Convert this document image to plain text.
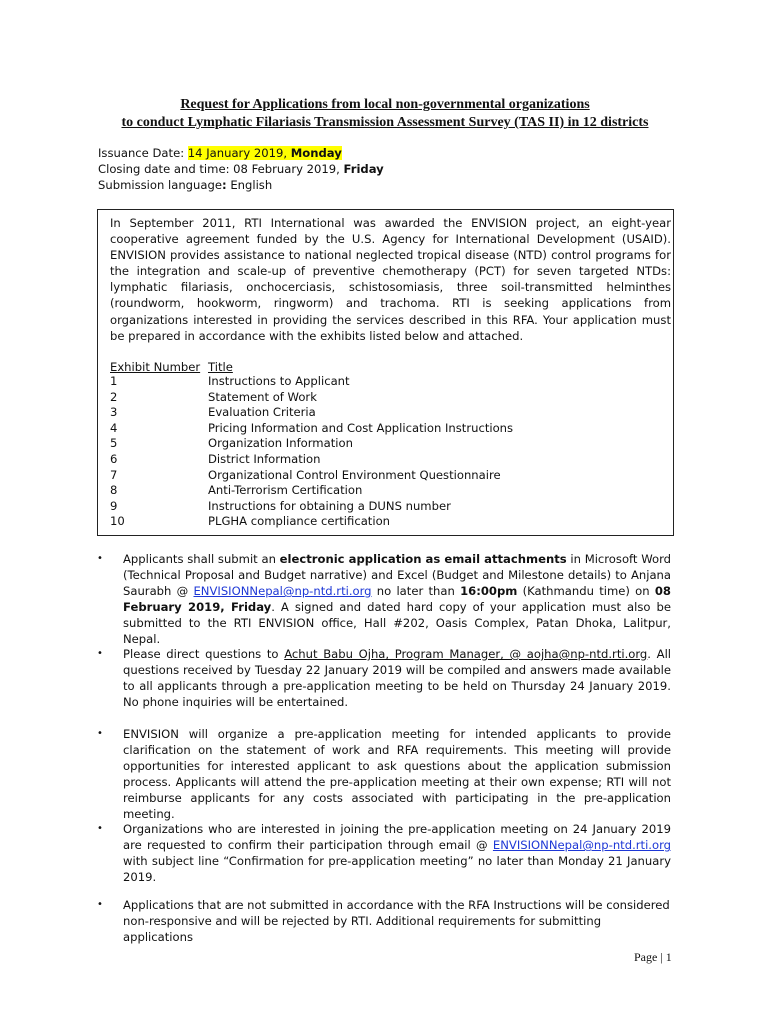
Request for Applications from local non-governmental organizations
to conduct Lymphatic Filariasis Transmission Assessment Survey (TAS II) in 12 districts
Issuance Date: 14 January 2019, Monday
Closing date and time: 08 February 2019, Friday
Submission language: English
In September 2011, RTI International was awarded the ENVISION project, an eight-year cooperative agreement funded by the U.S. Agency for International Development (USAID). ENVISION provides assistance to national neglected tropical disease (NTD) control programs for the integration and scale-up of preventive chemotherapy (PCT) for seven targeted NTDs: lymphatic filariasis, onchocerciasis, schistosomiasis, three soil-transmitted helminthes (roundworm, hookworm, ringworm) and trachoma. RTI is seeking applications from organizations interested in providing the services described in this RFA. Your application must be prepared in accordance with the exhibits listed below and attached.
Exhibit Number Title
1	Instructions to Applicant
2	Statement of Work
3	Evaluation Criteria
4	Pricing Information and Cost Application Instructions
5	Organization Information
6	District Information
7	Organizational Control Environment Questionnaire
8	Anti-Terrorism Certification
9	Instructions for obtaining a DUNS number
10	PLGHA compliance certification
• Applicants shall submit an electronic application as email attachments in Microsoft Word (Technical Proposal and Budget narrative) and Excel (Budget and Milestone details) to Anjana Saurabh @ ENVISIONNepal@np-ntd.rti.org no later than 16:00pm (Kathmandu time) on 08 February 2019, Friday. A signed and dated hard copy of your application must also be submitted to the RTI ENVISION office, Hall #202, Oasis Complex, Patan Dhoka, Lalitpur, Nepal.
• Please direct questions to Achut Babu Ojha, Program Manager, @ aojha@np-ntd.rti.org. All questions received by Tuesday 22 January 2019 will be compiled and answers made available to all applicants through a pre-application meeting to be held on Thursday 24 January 2019. No phone inquiries will be entertained.
• ENVISION will organize a pre-application meeting for intended applicants to provide clarification on the statement of work and RFA requirements. This meeting will provide opportunities for interested applicant to ask questions about the application submission process. Applicants will attend the pre-application meeting at their own expense; RTI will not reimburse applicants for any costs associated with participating in the pre-application meeting.
• Organizations who are interested in joining the pre-application meeting on 24 January 2019 are requested to confirm their participation through email @ ENVISIONNepal@np-ntd.rti.org with subject line “Confirmation for pre-application meeting” no later than Monday 21 January 2019.
• Applications that are not submitted in accordance with the RFA Instructions will be considered non-responsive and will be rejected by RTI. Additional requirements for submitting applications
Page | 1
